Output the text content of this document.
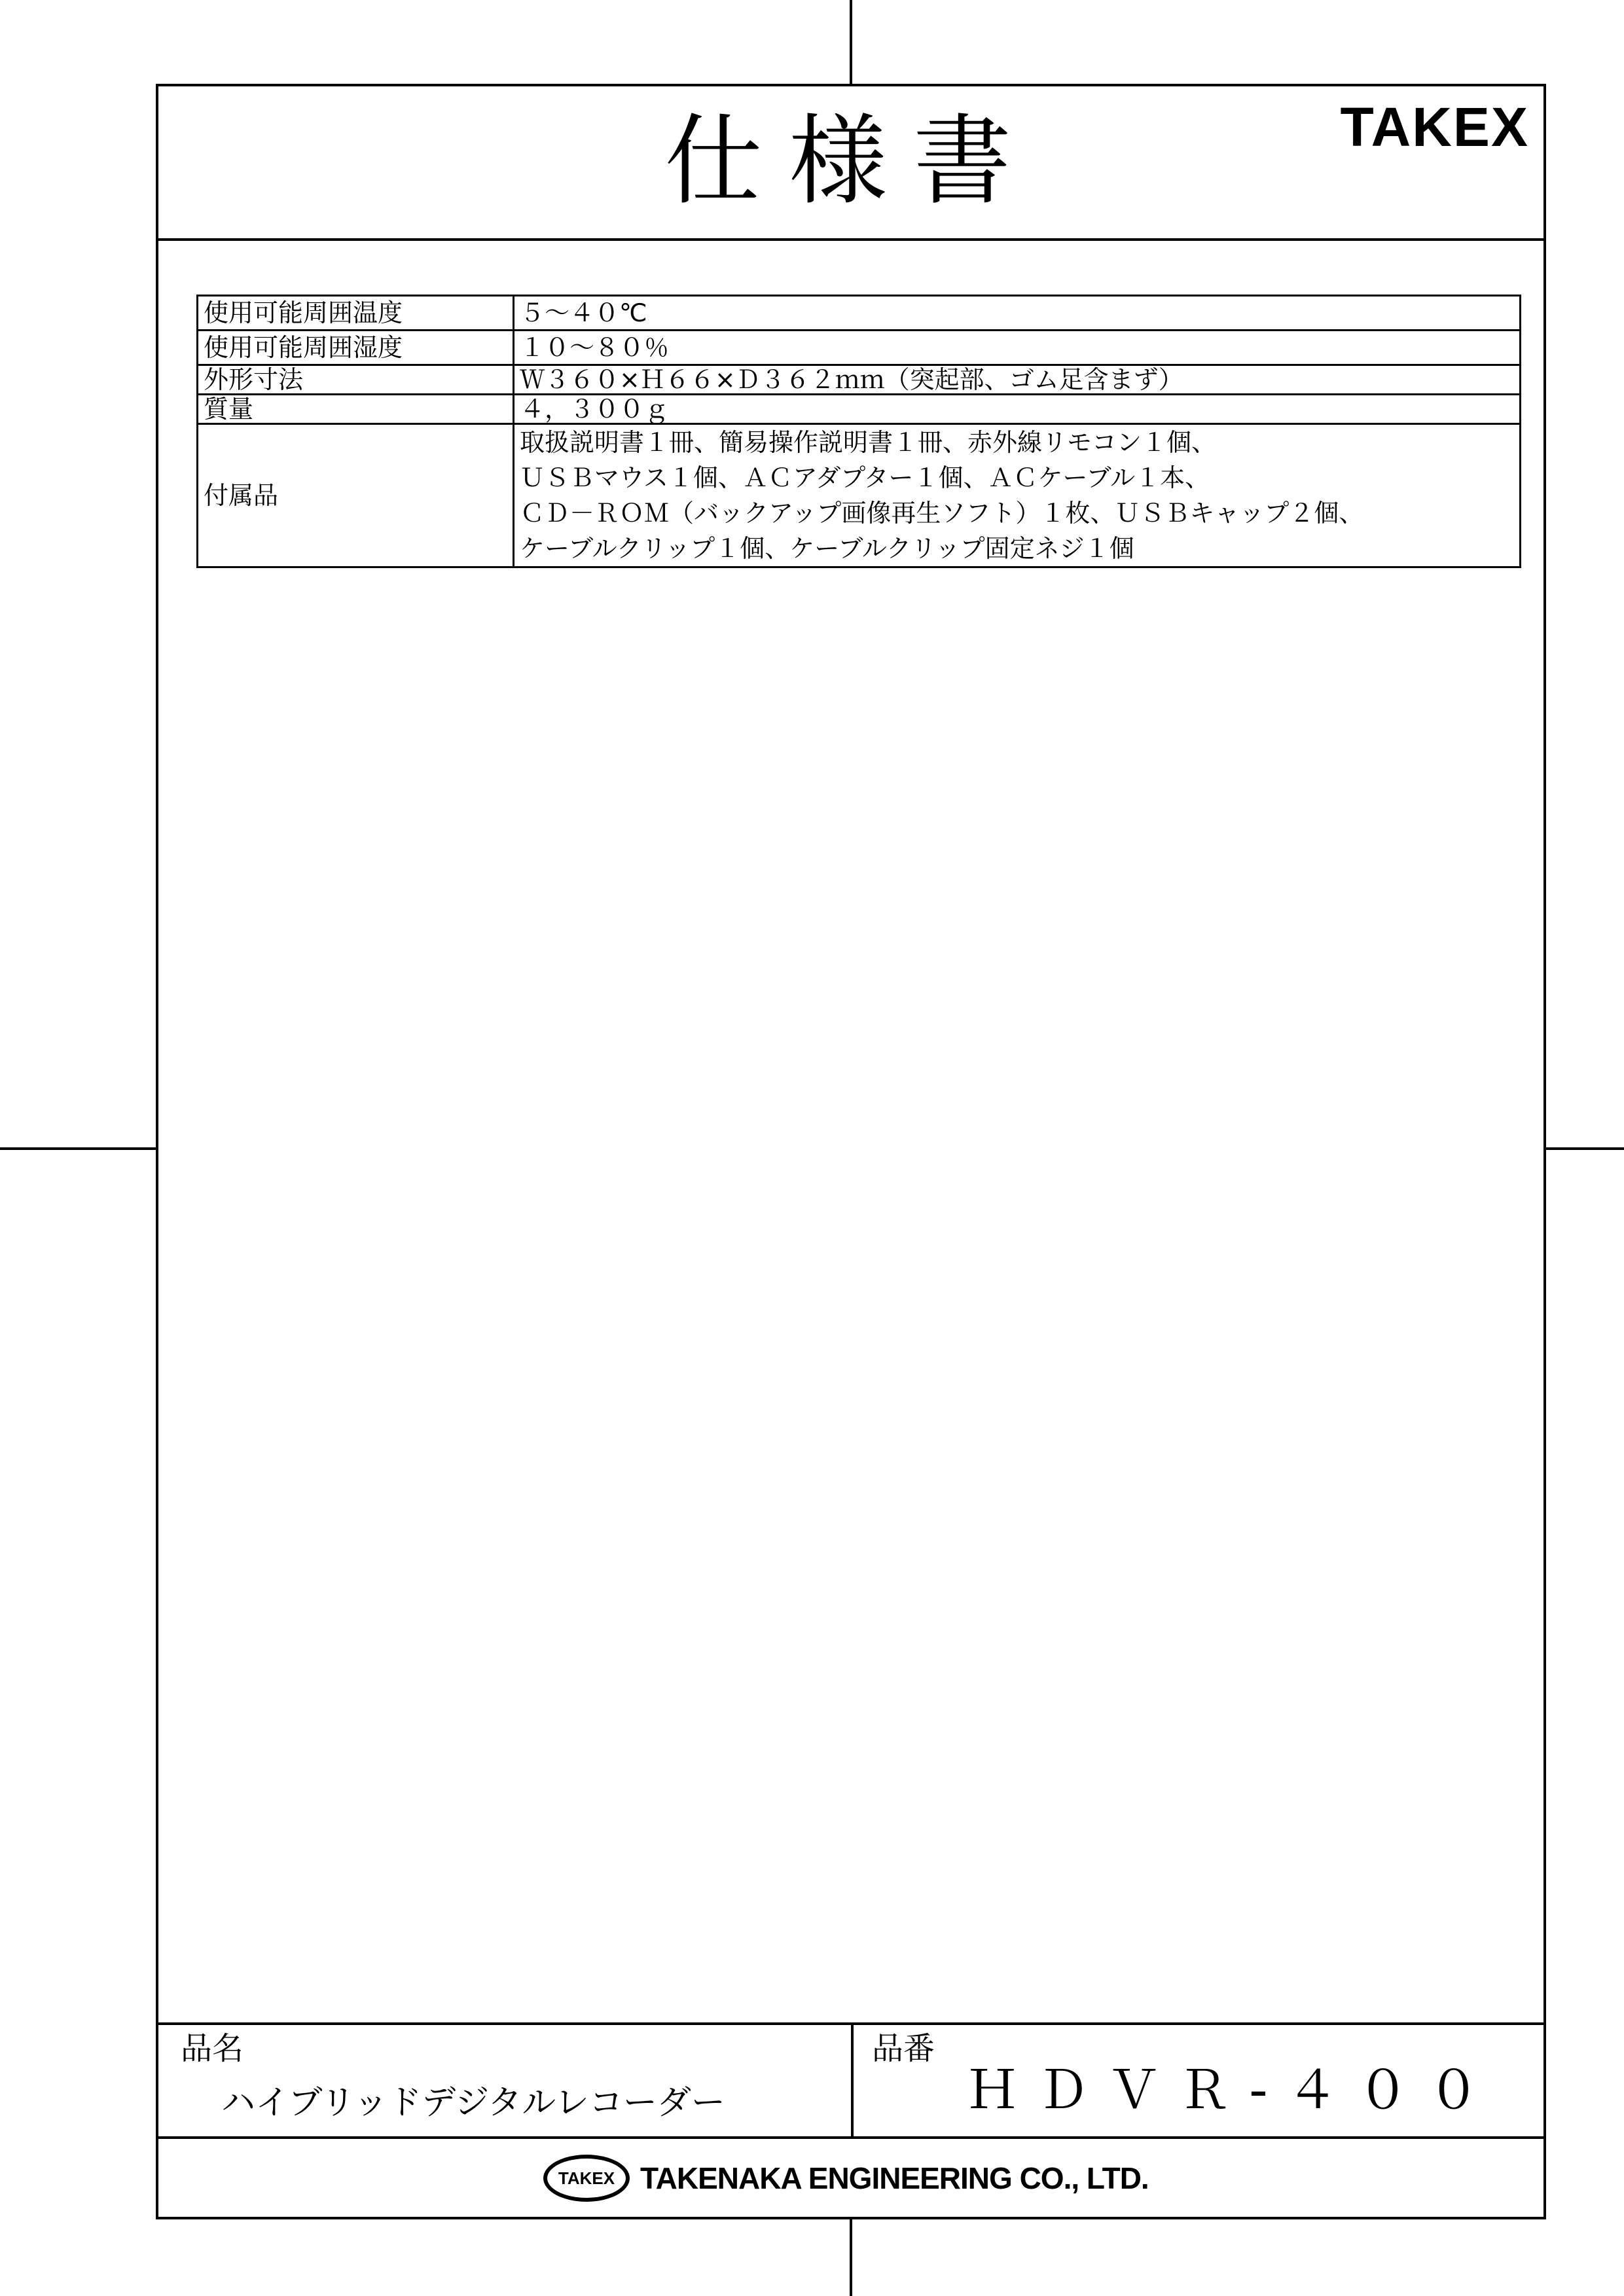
仕様書	TAKEX
使用可能周囲温度	５～４０℃
使用可能周囲湿度	１０～８０％
外形寸法	Ｗ３６０×Ｈ６６×Ｄ３６２ｍｍ（突起部、ゴム足含まず）
質量	４，３００ｇ
付属品	取扱説明書１冊、簡易操作説明書１冊、赤外線リモコン１個、
ＵＳＢマウス１個、ＡＣアダプター１個、ＡＣケーブル１本、
ＣＤ－ＲＯＭ（バックアップ画像再生ソフト）１枚、ＵＳＢキャップ２個、
ケーブルクリップ１個、ケーブルクリップ固定ネジ１個
品名
ハイブリッドデジタルレコーダー
品番
ＨＤＶＲ-４００
TAKEX TAKENAKA ENGINEERING CO., LTD.
